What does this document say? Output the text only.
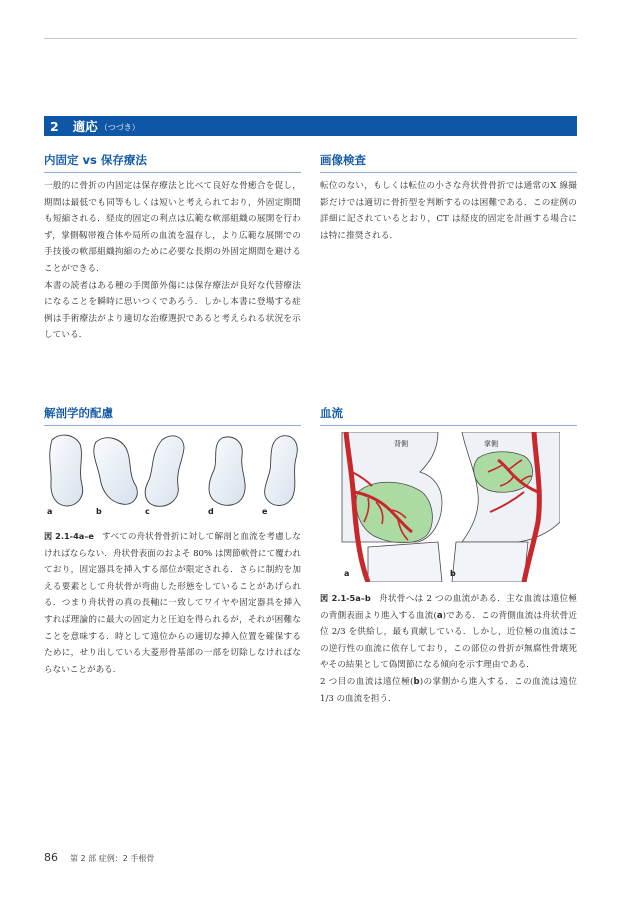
2 適応 （つづき）
内固定 vs 保存療法

一般的に骨折の内固定は保存療法と比べて良好な骨癒合を促し，期間は最低でも同等もしくは短いと考えられており，外固定期間も短縮される．経皮的固定の利点は広範な軟部組織の展開を行わず，掌側靱帯複合体や局所の血流を温存し，より広範な展開での手技後の軟部組織拘縮のために必要な長期の外固定期間を避けることができる．

本書の読者はある種の手関節外傷には保存療法が良好な代替療法になることを瞬時に思いつくであろう．しかし本書に登場する症例は手術療法がより適切な治療選択であると考えられる状況を示している．

画像検査

転位のない，もしくは転位の小さな舟状骨骨折では通常のX 線撮影だけでは適切に骨折型を判断するのは困難である．この症例の詳細に記されているとおり，CT は経皮的固定を計画する場合には特に推奨される．

解剖学的配慮
a	b	c	d	e

図 2.1-4a–e すべての舟状骨骨折に対して解剖と血流を考慮しなければならない．舟状骨表面のおよそ 80% は関節軟骨にて覆われており，固定器具を挿入する部位が限定される．さらに制約を加える要素として舟状骨が弯曲した形態をしていることがあげられる．つまり舟状骨の真の長軸に一致してワイヤや固定器具を挿入すれば理論的に最大の固定力と圧迫を得られるが，それが困難なことを意味する．時として遠位からの適切な挿入位置を確保するために，せり出している大菱形骨基部の一部を切除しなければならないことがある．

血流
背側	掌側
a	b

図 2.1-5a–b 舟状骨へは 2 つの血流がある．主な血流は遠位極の背側表面より進入する血流(a)である．この背側血流は舟状骨近位 2/3 を供給し，最も貢献している．しかし，近位極の血流はこの逆行性の血流に依存しており，この部位の骨折が無腐性骨壊死やその結果として偽関節になる傾向を示す理由である．

2 つ目の血流は遠位極(b)の掌側から進入する．この血流は遠位 1/3 の血流を担う．

86 第 2 部 症例：2 手根骨
